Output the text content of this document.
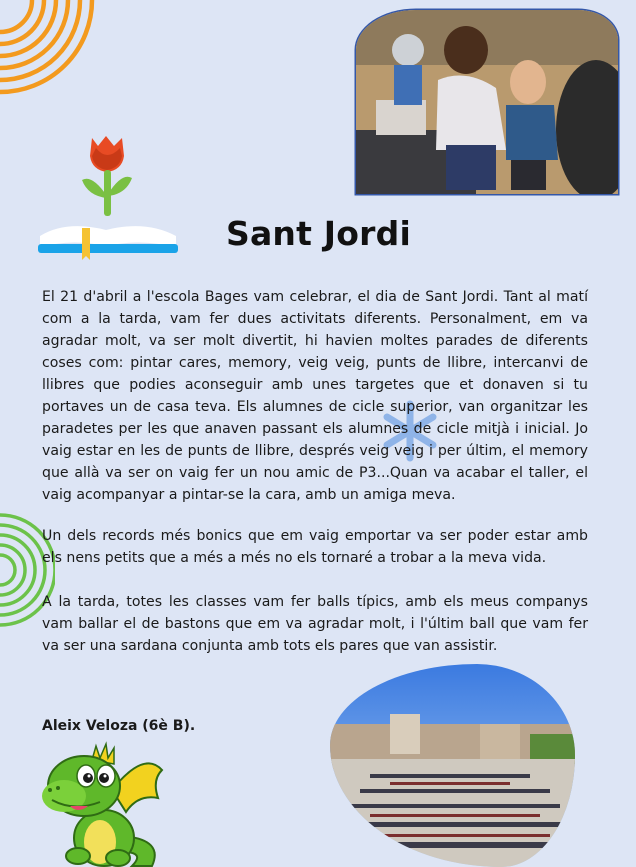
Sant Jordi

El 21 d'abril a l'escola Bages vam celebrar, el dia de Sant Jordi. Tant al matí com a la tarda, vam fer dues activitats diferents. Personalment, em va agradar molt, va ser molt divertit, hi havien moltes parades de diferents coses com: pintar cares, memory, veig veig, punts de llibre, intercanvi de llibres que podies aconseguir amb unes targetes que et donaven si tu portaves un de casa teva. Els alumnes de cicle superior, van organitzar les paradetes per les que anaven passant els alumnes de cicle mitjà i inicial. Jo vaig estar en les de punts de llibre, després veig veig i per últim, el memory que allà va ser on vaig fer un nou amic de P3...Quan va acabar el taller, el vaig acompanyar a pintar-se la cara, amb un amiga meva.

Un dels records més bonics que em vaig emportar va ser poder estar amb els nens petits que a més a més no els tornaré a trobar a la meva vida.

A la tarda, totes les classes vam fer balls típics, amb els meus companys vam ballar el de bastons que em va agradar molt, i l'últim ball que vam fer va ser una sardana conjunta amb tots els pares que van assistir.

Aleix Veloza (6è B).
